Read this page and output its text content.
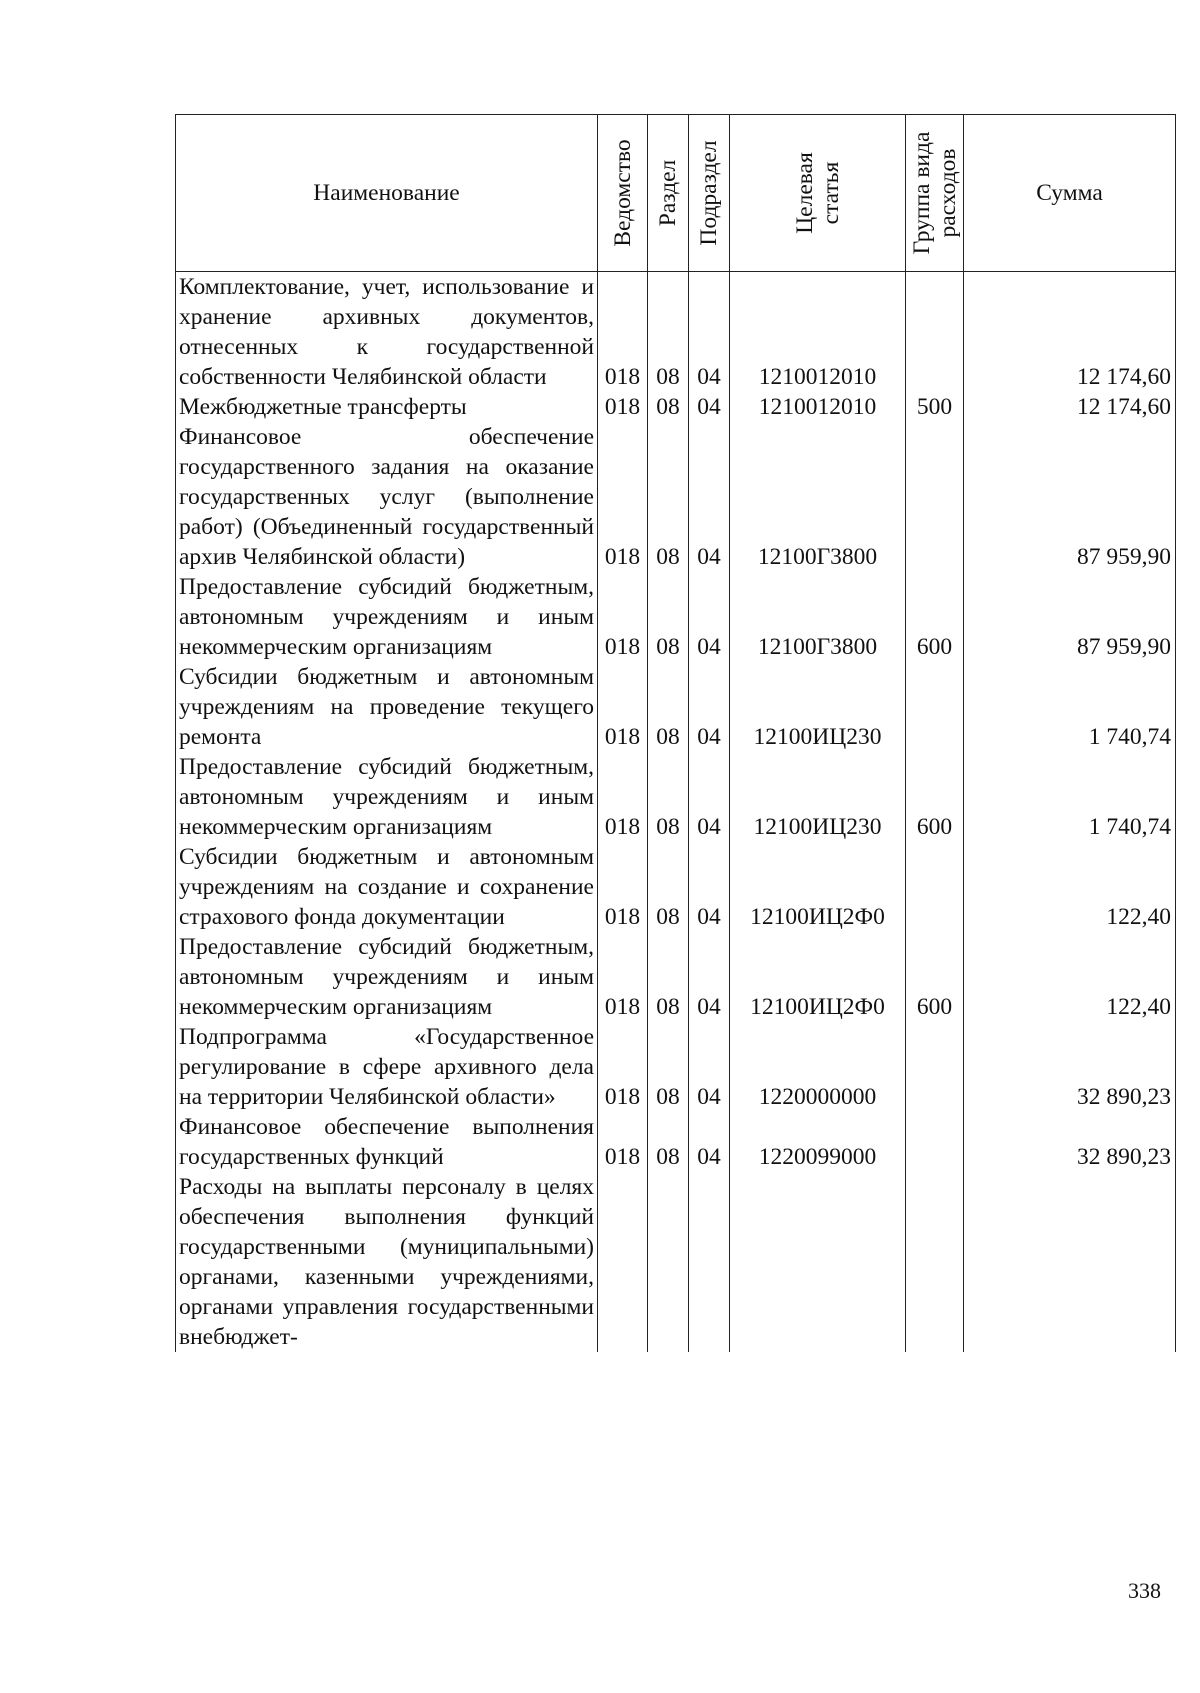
Наименование	Ведомство	Раздел	Подраздел	Целевая статья	Группа вида расходов	Сумма
Комплектование, учет, использование и хранение архивных документов, отнесенных к государственной собственности Челябинской области	018	08	04	1210012010		12 174,60
Межбюджетные трансферты	018	08	04	1210012010	500	12 174,60
Финансовое обеспечение государственного задания на оказание государственных услуг (выполнение работ) (Объединенный государственный архив Челябинской области)	018	08	04	12100Г3800		87 959,90
Предоставление субсидий бюджетным, автономным учреждениям и иным некоммерческим организациям	018	08	04	12100Г3800	600	87 959,90
Субсидии бюджетным и автономным учреждениям на проведение текущего ремонта	018	08	04	12100ИЦ230		1 740,74
Предоставление субсидий бюджетным, автономным учреждениям и иным некоммерческим организациям	018	08	04	12100ИЦ230	600	1 740,74
Субсидии бюджетным и автономным учреждениям на создание и сохранение страхового фонда документации	018	08	04	12100ИЦ2Ф0		122,40
Предоставление субсидий бюджетным, автономным учреждениям и иным некоммерческим организациям	018	08	04	12100ИЦ2Ф0	600	122,40
Подпрограмма «Государственное регулирование в сфере архивного дела на территории Челябинской области»	018	08	04	1220000000		32 890,23
Финансовое обеспечение выполнения государственных функций	018	08	04	1220099000		32 890,23
Расходы на выплаты персоналу в целях обеспечения выполнения функций государственными (муниципальными) органами, казенными учреждениями, органами управления государственными внебюджет-						
338
